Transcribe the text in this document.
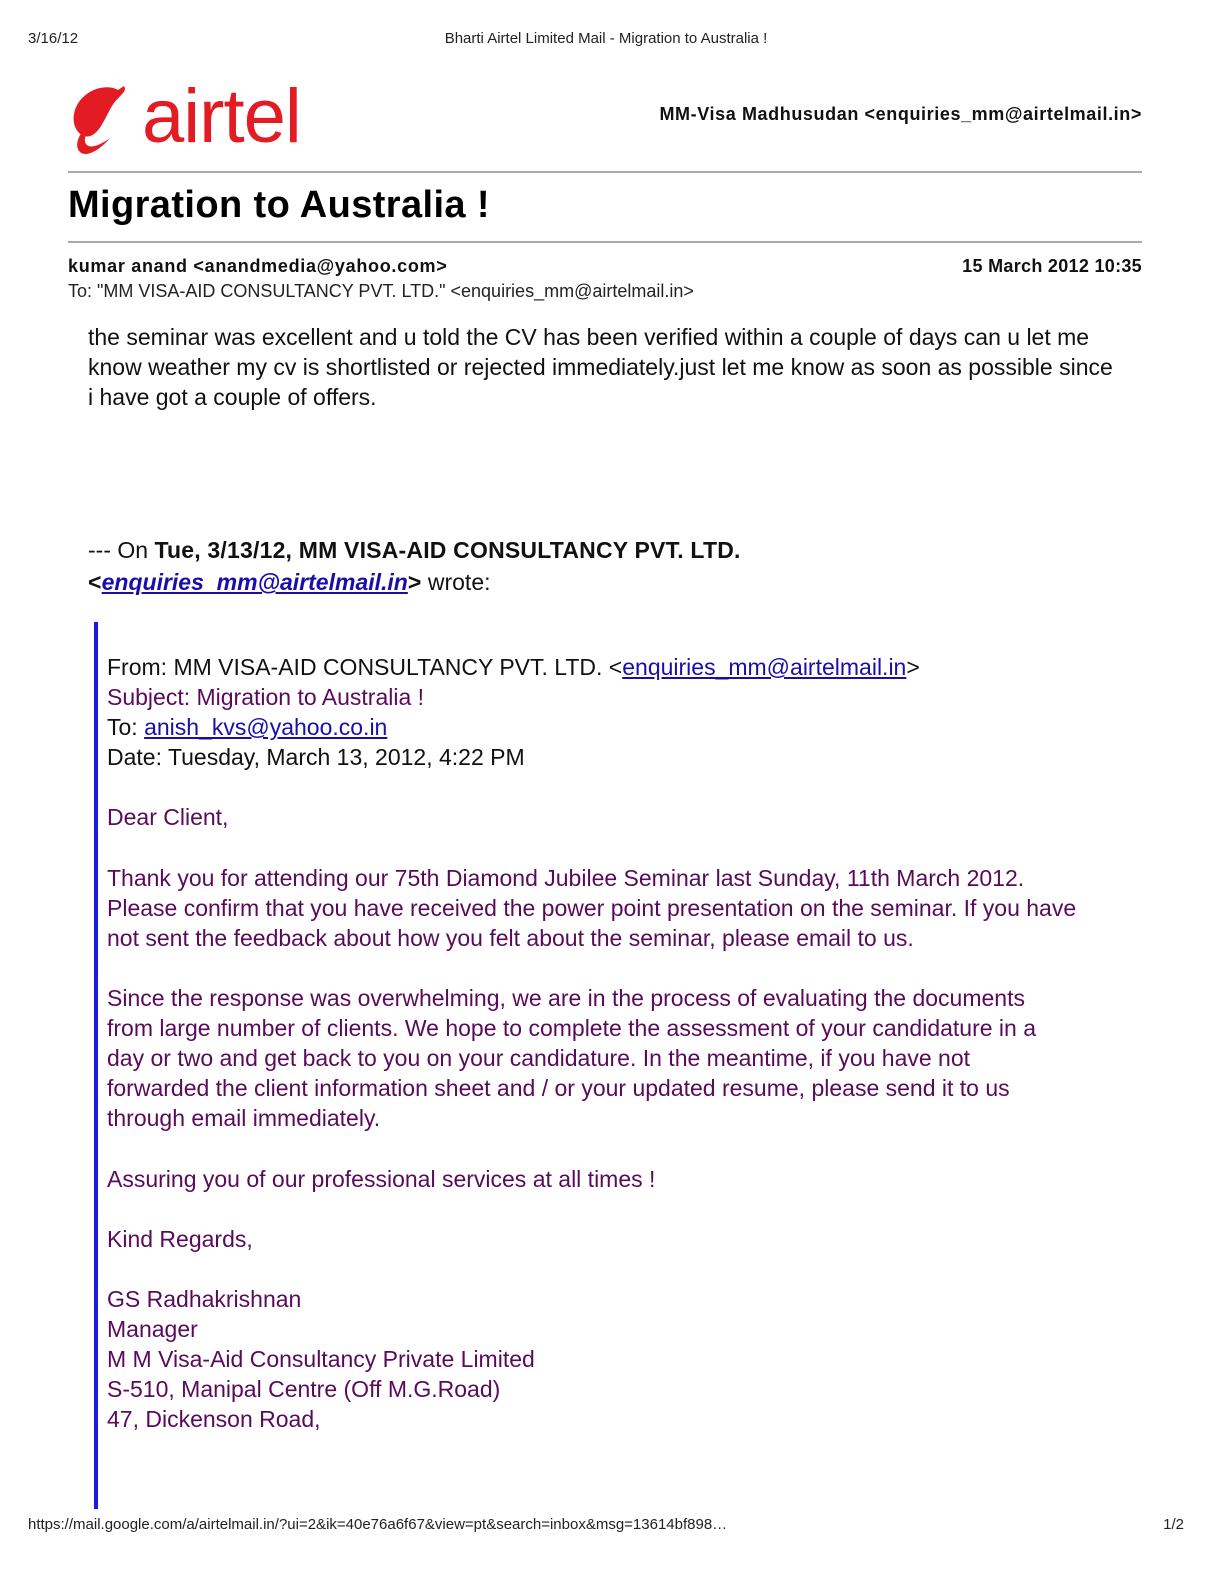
3/16/12	Bharti Airtel Limited Mail - Migration to Australia !
airtel	MM-Visa Madhusudan <enquiries_mm@airtelmail.in>
Migration to Australia !
kumar anand <anandmedia@yahoo.com>	15 March 2012 10:35
To: "MM VISA-AID CONSULTANCY PVT. LTD." <enquiries_mm@airtelmail.in>
the seminar was excellent and u told the CV has been verified within a couple of days can u let me know weather my cv is shortlisted or rejected immediately.just let me know as soon as possible since i have got a couple of offers.
--- On Tue, 3/13/12, MM VISA-AID CONSULTANCY PVT. LTD.
<enquiries_mm@airtelmail.in> wrote:

From: MM VISA-AID CONSULTANCY PVT. LTD. <enquiries_mm@airtelmail.in>

Subject: Migration to Australia !

To: anish_kvs@yahoo.co.in

Date: Tuesday, March 13, 2012, 4:22 PM

Dear Client,

Thank you for attending our 75th Diamond Jubilee Seminar last Sunday, 11th March 2012.

Please confirm that you have received the power point presentation on the seminar. If you have not sent the feedback about how you felt about the seminar, please email to us.

Since the response was overwhelming, we are in the process of evaluating the documents from large number of clients. We hope to complete the assessment of your candidature in a day or two and get back to you on your candidature. In the meantime, if you have not forwarded the client information sheet and / or your updated resume, please send it to us through email immediately.

Assuring you of our professional services at all times !

Kind Regards,

GS Radhakrishnan

Manager

M M Visa-Aid Consultancy Private Limited

S-510, Manipal Centre (Off M.G.Road)

47, Dickenson Road,

https://mail.google.com/a/airtelmail.in/?ui=2&ik=40e76a6f67&view=pt&search=inbox&msg=13614bf898…	1/2
